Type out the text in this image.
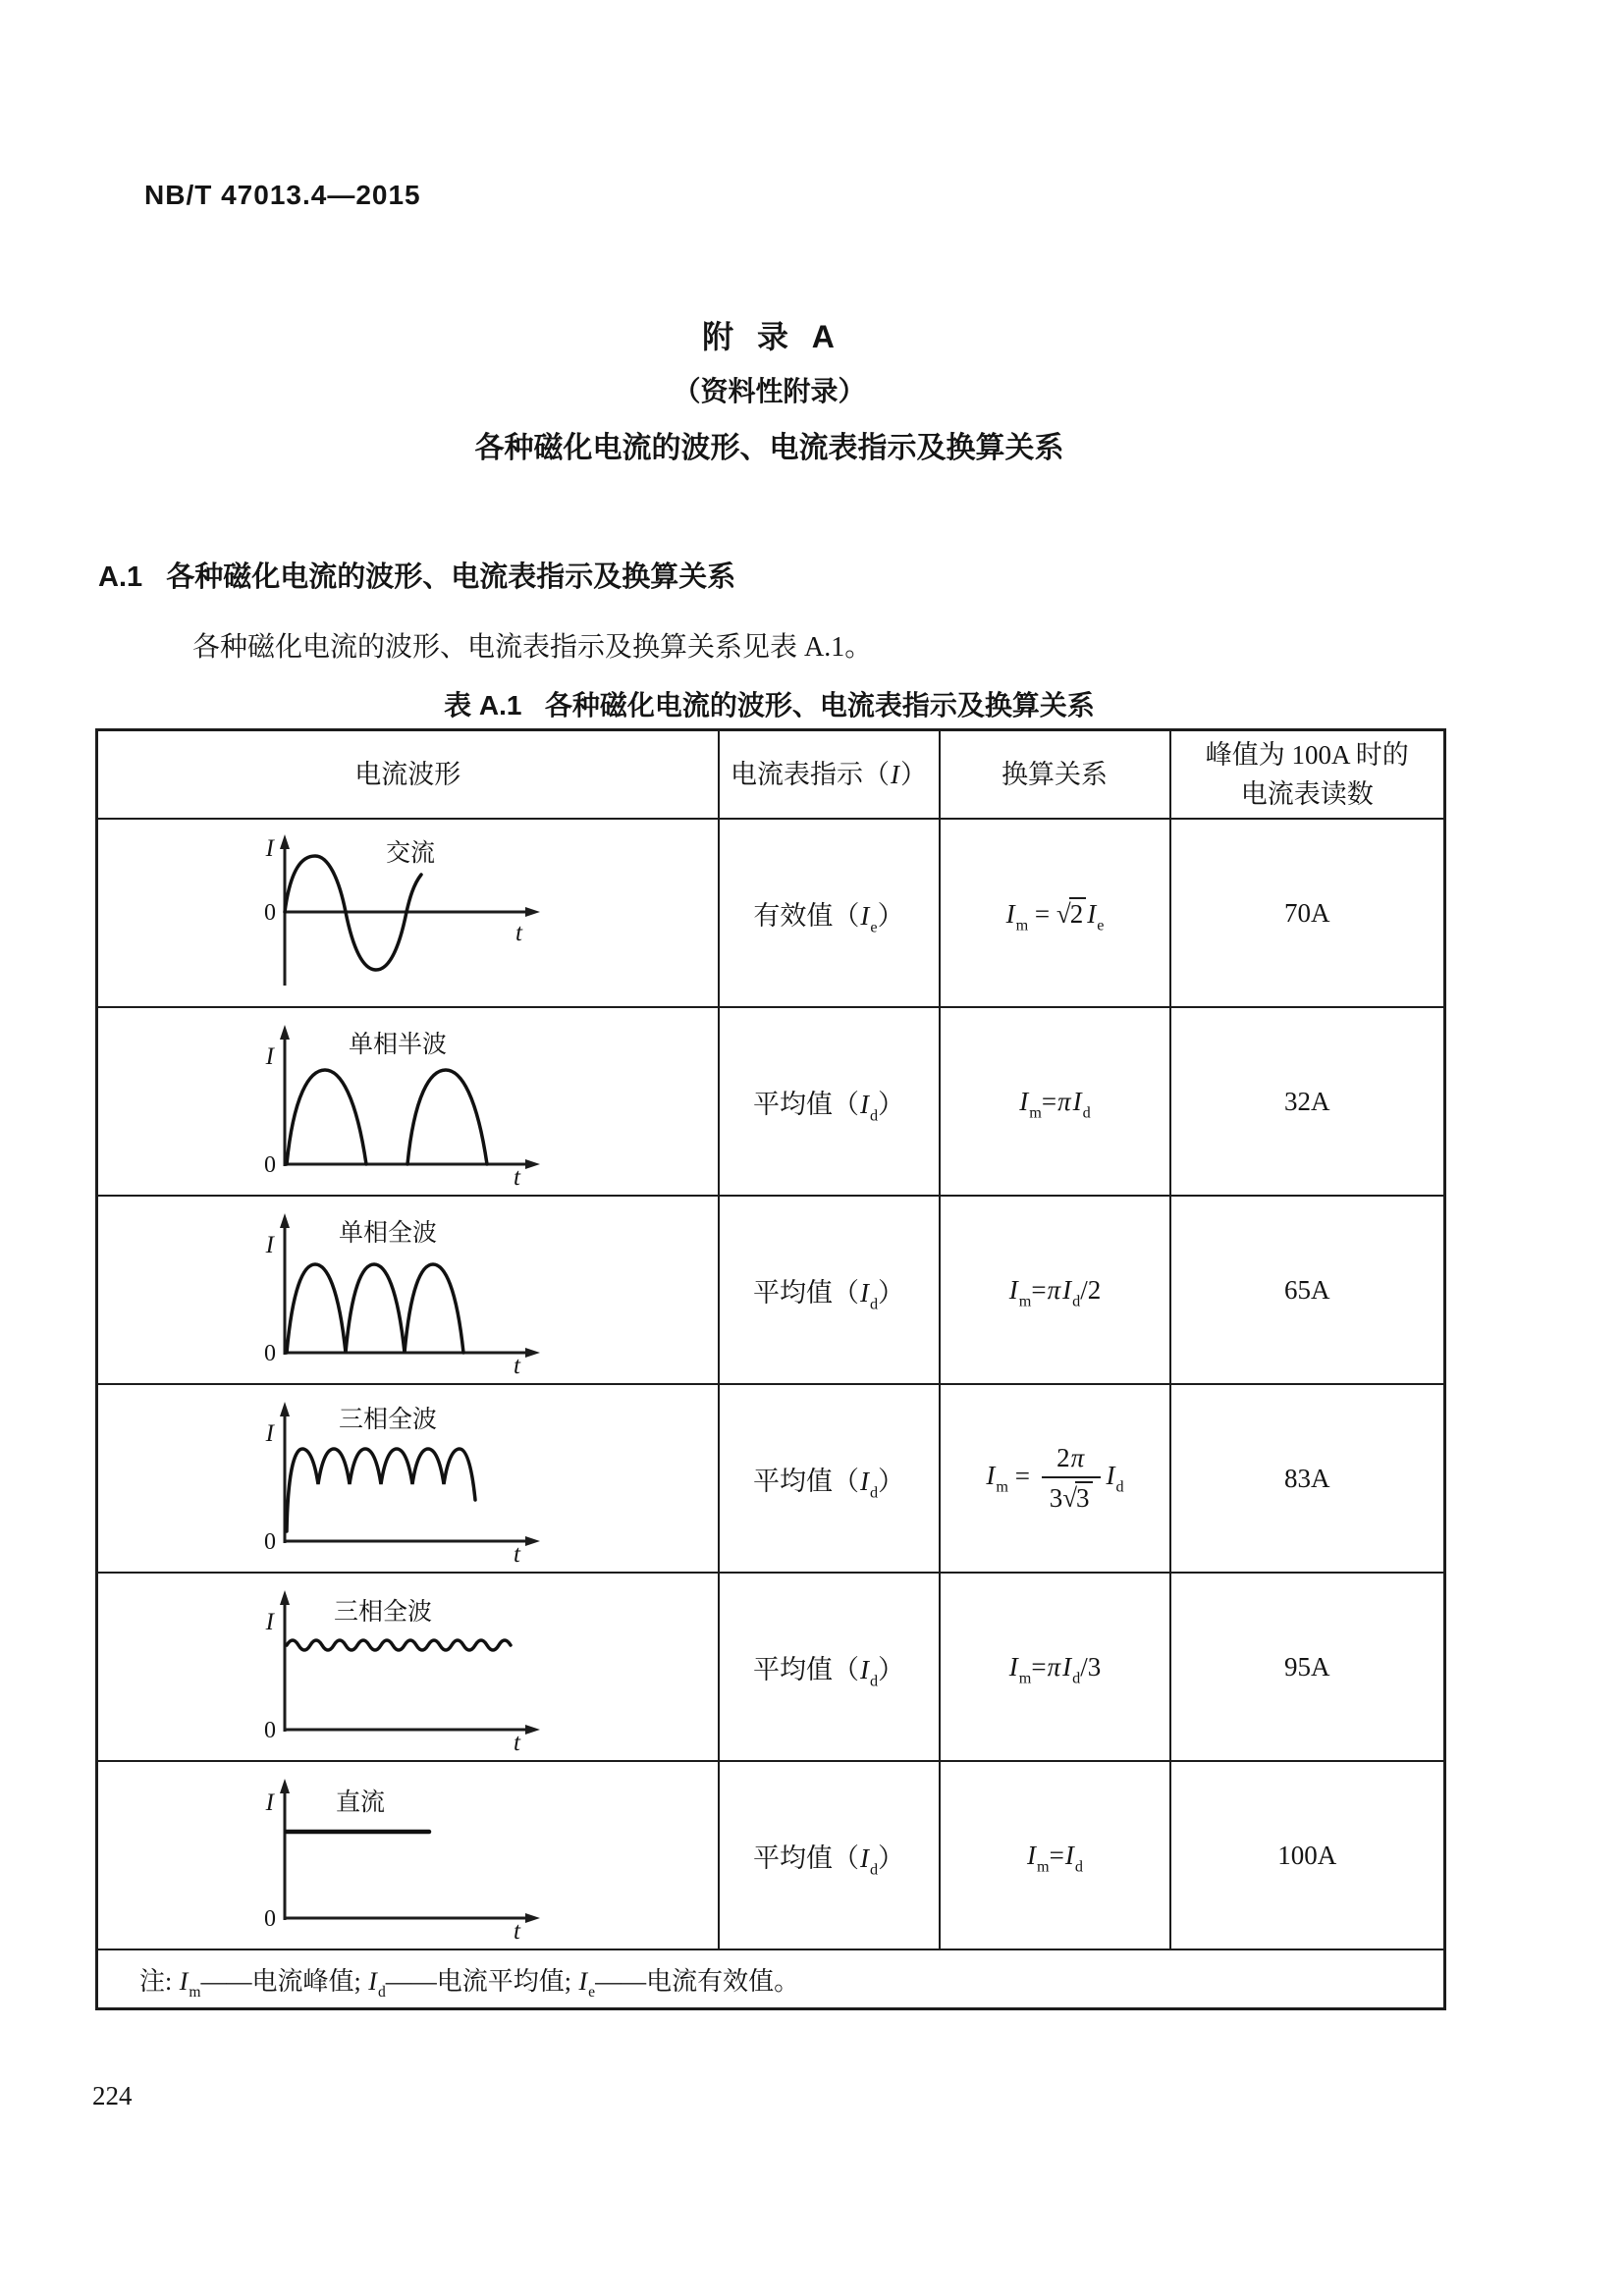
NB/T 47013.4—2015
附  录  A
（资料性附录）
各种磁化电流的波形、电流表指示及换算关系
A.1   各种磁化电流的波形、电流表指示及换算关系
各种磁化电流的波形、电流表指示及换算关系见表 A.1。
表 A.1   各种磁化电流的波形、电流表指示及换算关系
电流波形	电流表指示（I）	换算关系	峰值为 100A 时的
电流表读数

I
0
t
交流	有效值$(I_e)$	$I_m = √2$ $I_e$	70A

I
0 t
单相半波	平均值$(I_d)$	$I_m=\pi I_d$	32A

I
0 t
单相全波	平均值$(I_d)$	$I_m=\pi I_d/2$	65A

I
0 t
三相全波	平均值$(I_d)$	$I_m = \frac{2\pi}{3√3} I_d$	83A

I
0 t
三相全波	平均值$(I_d)$	$I_m=\pi I_d/3$	95A

I
0 t
直流	平均值$(I_d)$	$I_m=I_d$	100A
注: $I_m——$电流峰值; $I_d——$电流平均值; $I_e——$电流有效值。			
224
